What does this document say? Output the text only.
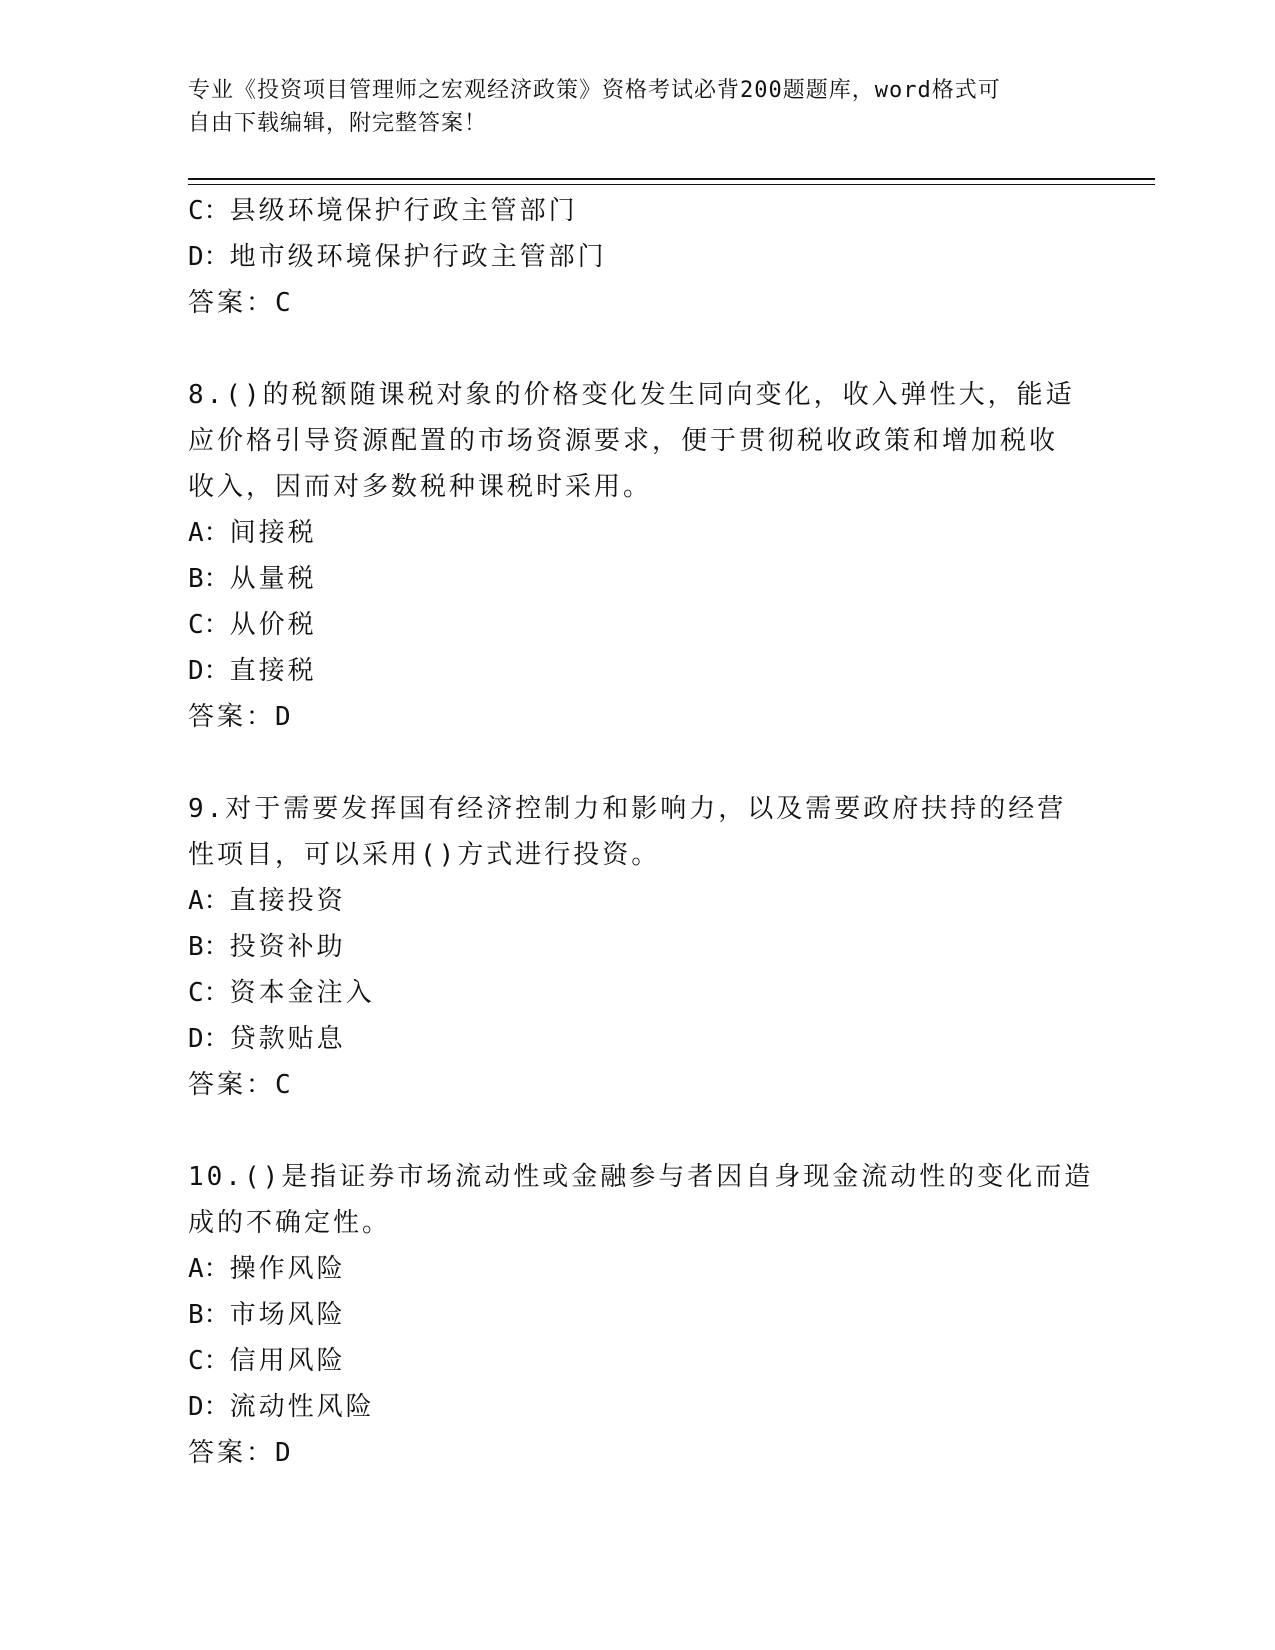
专业《投资项目管理师之宏观经济政策》资格考试必背200题题库，word格式可
自由下载编辑，附完整答案！
C：县级环境保护行政主管部门
D：地市级环境保护行政主管部门
答案：C
8.()的税额随课税对象的价格变化发生同向变化，收入弹性大，能适
应价格引导资源配置的市场资源要求，便于贯彻税收政策和增加税收
收入，因而对多数税种课税时采用。
A：间接税
B：从量税
C：从价税
D：直接税
答案：D
9.对于需要发挥国有经济控制力和影响力，以及需要政府扶持的经营
性项目，可以采用()方式进行投资。
A：直接投资
B：投资补助
C：资本金注入
D：贷款贴息
答案：C
10.()是指证券市场流动性或金融参与者因自身现金流动性的变化而造
成的不确定性。
A：操作风险
B：市场风险
C：信用风险
D：流动性风险
答案：D
